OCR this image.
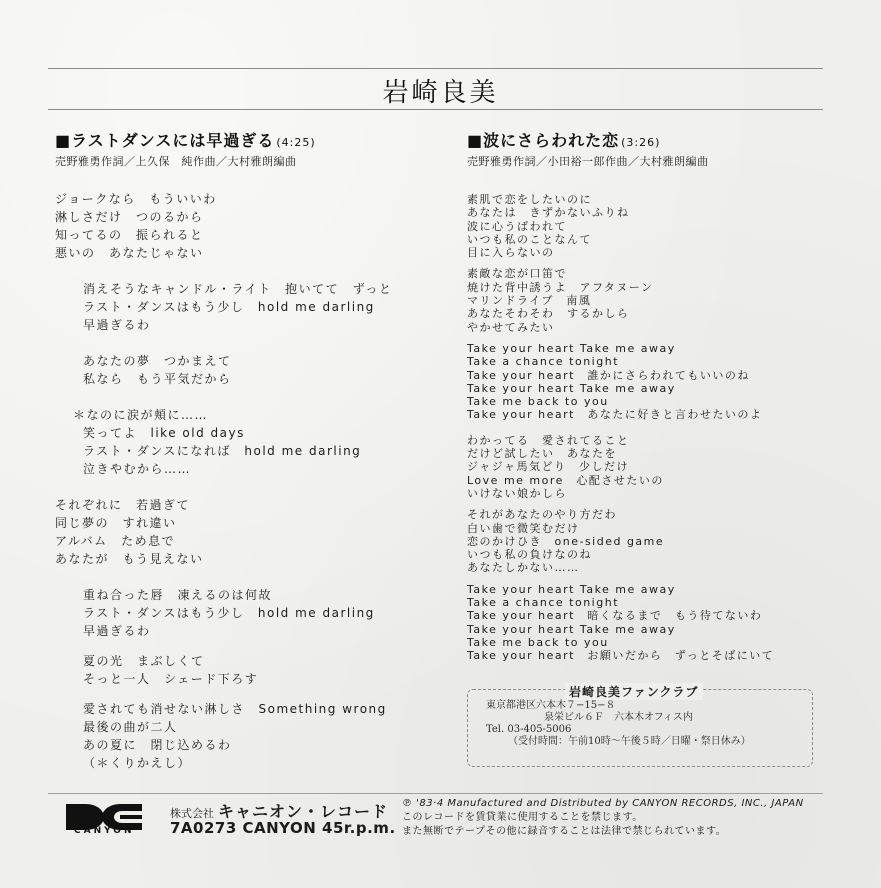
岩崎良美
■ラストダンスには早過ぎる (4:25)
売野雅勇作詞／上久保　純作曲／大村雅朗編曲
ジョークなら　もういいわ
淋しさだけ　つのるから
知ってるの　振られると
悪いの　あなたじゃない
消えそうなキャンドル・ライト　抱いてて　ずっと
ラスト・ダンスはもう少し　hold me darling
早過ぎるわ
あなたの夢　つかまえて
私なら　もう平気だから
＊なのに涙が頬に……
笑ってよ　like old days
ラスト・ダンスになれば　hold me darling
泣きやむから……
それぞれに　若過ぎて
同じ夢の　すれ違い
アルバム　ため息で
あなたが　もう見えない
重ね合った唇　凍えるのは何故
ラスト・ダンスはもう少し　hold me darling
早過ぎるわ
夏の光　まぶしくて
そっと一人　シェード下ろす
愛されても消せない淋しさ　Something wrong
最後の曲が二人
あの夏に　閉じ込めるわ
（＊くりかえし）
■波にさらわれた恋 (3:26)
売野雅勇作詞／小田裕一郎作曲／大村雅朗編曲
素肌で恋をしたいのに
あなたは　きずかないふりね
波に心うばわれて
いつも私のことなんて
目に入らないの
素敵な恋が口笛で
焼けた背中誘うよ　アフタヌーン
マリンドライブ　南風
あなたそわそわ　するかしら
やかせてみたい
Take your heart Take me away
Take a chance tonight
Take your heart　誰かにさらわれてもいいのね
Take your heart Take me away
Take me back to you
Take your heart　あなたに好きと言わせたいのよ
わかってる　愛されてること
だけど試したい　あなたを
ジャジャ馬気どり　少しだけ
Love me more　心配させたいの
いけない娘かしら
それがあなたのやり方だわ
白い歯で微笑むだけ
恋のかけひき　one-sided game
いつも私の負けなのね
あなたしかない……
Take your heart Take me away
Take a chance tonight
Take your heart　暗くなるまで　もう待てないわ
Take your heart Take me away
Take me back to you
Take your heart　お願いだから　ずっとそばにいて
東京都港区六本木７−15−８
泉栄ビル６Ｆ　六本木オフィス内
Tel. 03-405-5006
（受付時間：午前10時〜午後５時／日曜・祭日休み）
岩崎良美ファンクラブ
CANYON
株式会社 キャニオン・レコード
7A0273 CANYON 45r.p.m.
℗ '83·4 Manufactured and Distributed by CANYON RECORDS, INC., JAPAN
このレコードを賃貸業に使用することを禁じます。
また無断でテープその他に録音することは法律で禁じられています。
